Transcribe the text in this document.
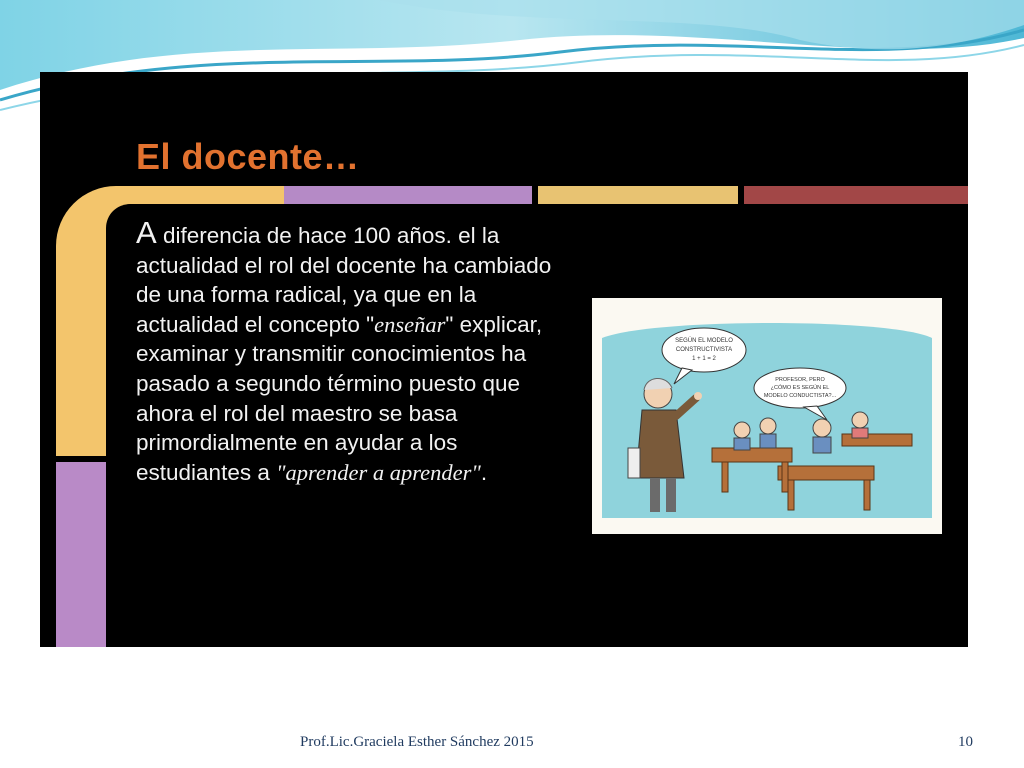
El docente…

A diferencia de hace 100 años. el la actualidad el rol del docente ha cambiado de una forma radical, ya que en la actualidad el concepto "enseñar" explicar, examinar y transmitir conocimientos ha pasado a segundo término puesto que ahora el rol del maestro se basa primordialmente en ayudar a los estudiantes a "aprender a aprender".

SEGÚN EL MODELO
CONSTRUCTIVISTA
1 + 1 = 2
PROFESOR, PERO
¿CÓMO ES SEGÚN EL
MODELO CONDUCTISTA?...
Prof.Lic.Graciela Esther Sánchez 2015	10
